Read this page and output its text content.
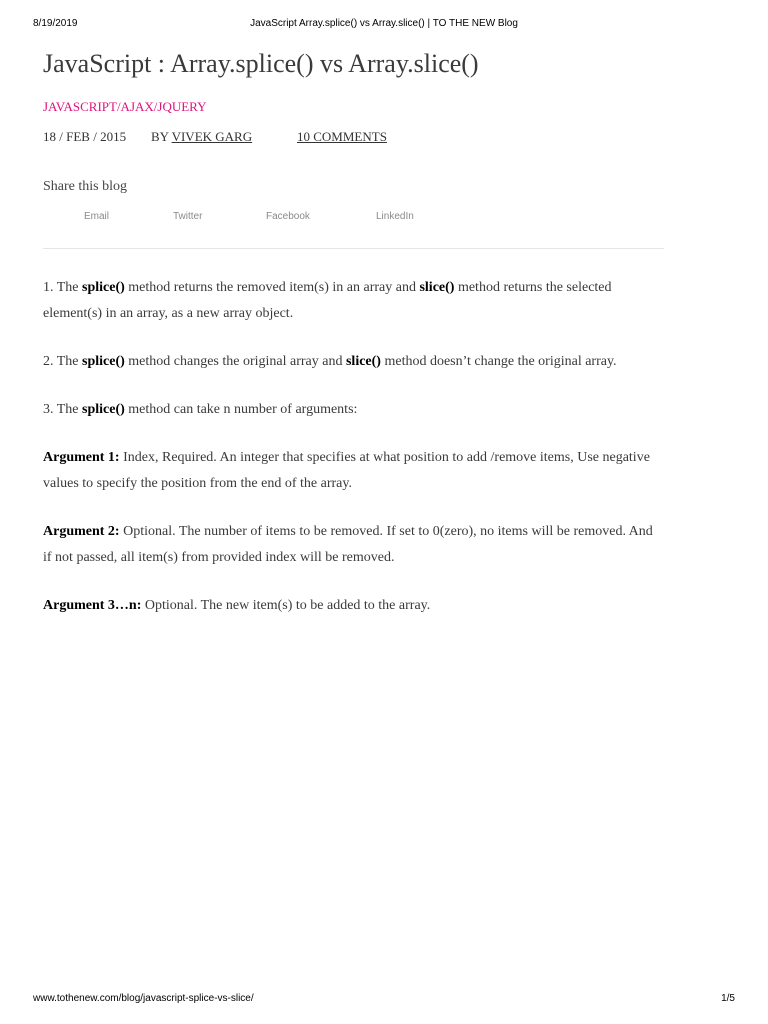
8/19/2019	JavaScript Array.splice() vs Array.slice() | TO THE NEW Blog
JavaScript : Array.splice() vs Array.slice()
JAVASCRIPT/AJAX/JQUERY
18 / FEB / 2015 BY VIVEK GARG	10 COMMENTS
Share this blog
Email	Twitter	Facebook	LinkedIn

1. The splice() method returns the removed item(s) in an array and slice() method returns the selected element(s) in an array, as a new array object.

2. The splice() method changes the original array and slice() method doesn’t change the original array.

3. The splice() method can take n number of arguments:

Argument 1: Index, Required. An integer that specifies at what position to add /remove items, Use negative values to specify the position from the end of the array.

Argument 2: Optional. The number of items to be removed. If set to 0(zero), no items will be removed. And if not passed, all item(s) from provided index will be removed.

Argument 3…n: Optional. The new item(s) to be added to the array.

www.tothenew.com/blog/javascript-splice-vs-slice/	1/5
